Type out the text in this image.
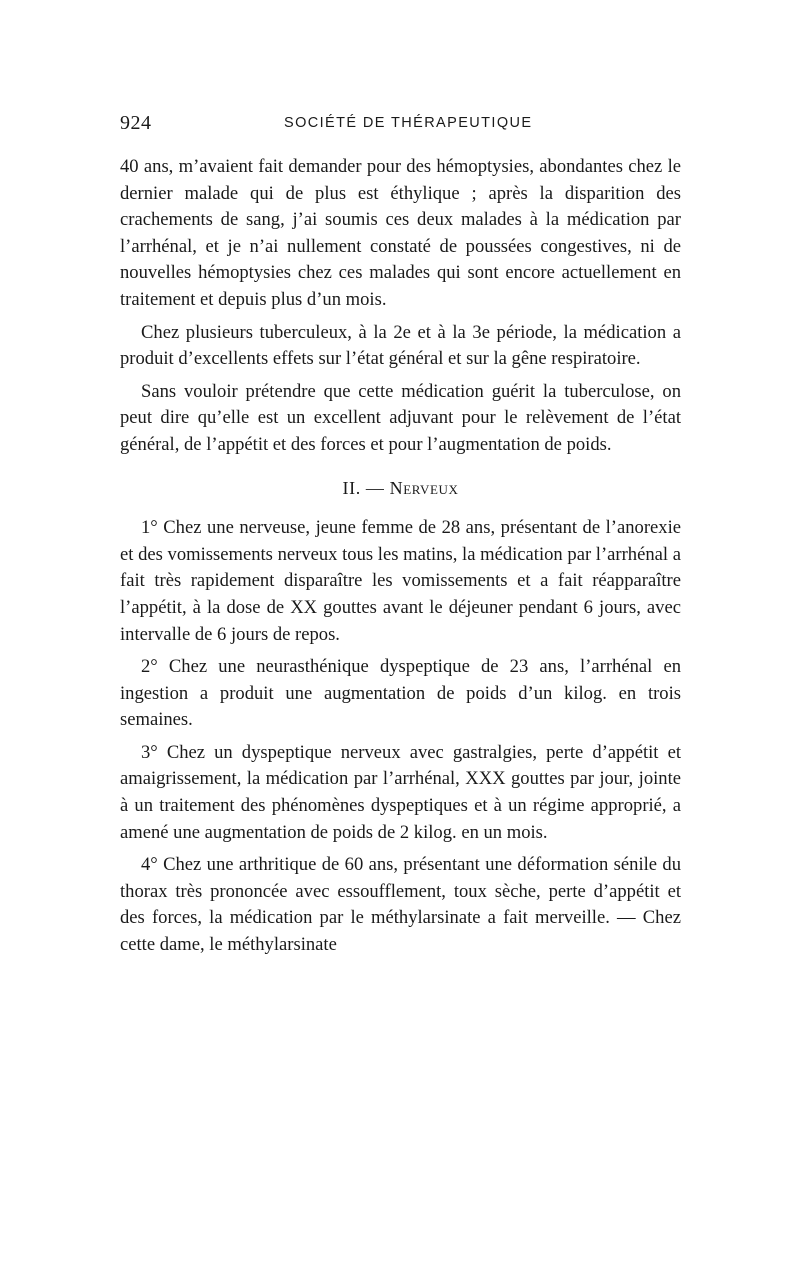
924	SOCIÉTÉ DE THÉRAPEUTIQUE

40 ans, m’avaient fait demander pour des hémoptysies, abondantes chez le dernier malade qui de plus est éthylique ; après la disparition des crachements de sang, j’ai soumis ces deux malades à la médication par l’arrhénal, et je n’ai nullement constaté de poussées congestives, ni de nouvelles hémoptysies chez ces malades qui sont encore actuellement en traitement et depuis plus d’un mois.

Chez plusieurs tuberculeux, à la 2e et à la 3e période, la médication a produit d’excellents effets sur l’état général et sur la gêne respiratoire.

Sans vouloir prétendre que cette médication guérit la tuberculose, on peut dire qu’elle est un excellent adjuvant pour le relèvement de l’état général, de l’appétit et des forces et pour l’augmentation de poids.

II. — Nerveux

1° Chez une nerveuse, jeune femme de 28 ans, présentant de l’anorexie et des vomissements nerveux tous les matins, la médication par l’arrhénal a fait très rapidement disparaître les vomissements et a fait réapparaître l’appétit, à la dose de XX gouttes avant le déjeuner pendant 6 jours, avec intervalle de 6 jours de repos.

2° Chez une neurasthénique dyspeptique de 23 ans, l’arrhénal en ingestion a produit une augmentation de poids d’un kilog. en trois semaines.

3° Chez un dyspeptique nerveux avec gastralgies, perte d’appétit et amaigrissement, la médication par l’arrhénal, XXX gouttes par jour, jointe à un traitement des phénomènes dyspeptiques et à un régime approprié, a amené une augmentation de poids de 2 kilog. en un mois.

4° Chez une arthritique de 60 ans, présentant une déformation sénile du thorax très prononcée avec essoufflement, toux sèche, perte d’appétit et des forces, la médication par le méthylarsinate a fait merveille. — Chez cette dame, le méthylarsinate
